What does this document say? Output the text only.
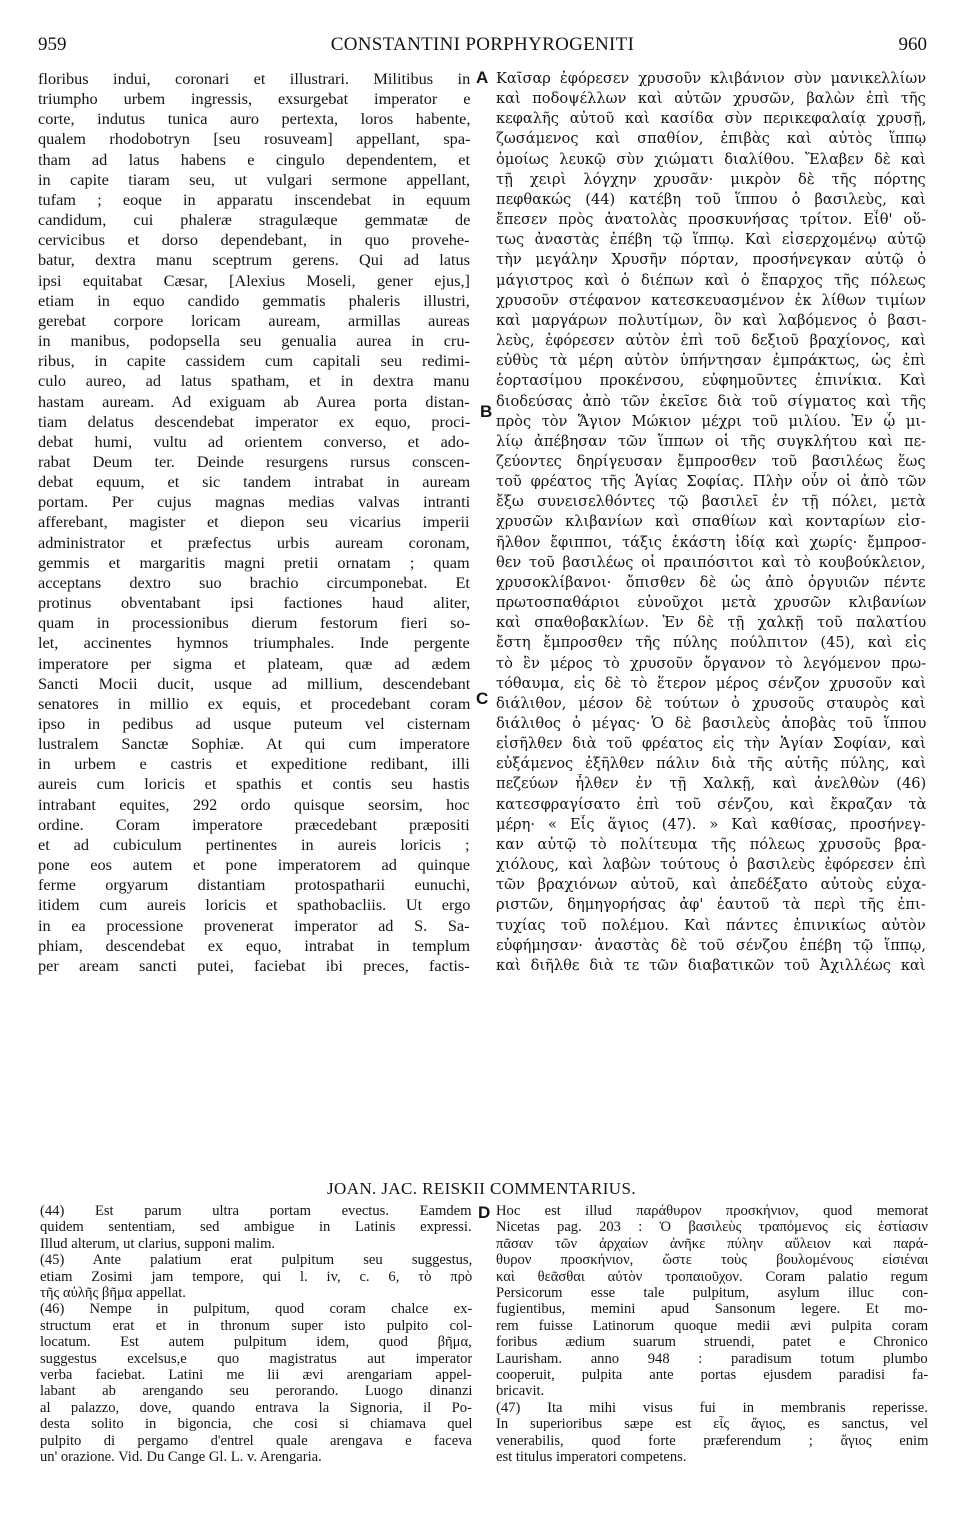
959	CONSTANTINI PORPHYROGENITI	960
floribus indui, coronari et illustrari. Militibus in
triumpho urbem ingressis, exsurgebat imperator e
corte, indutus tunica auro pertexta, loros habente,
qualem rhodobotryn [seu rosuveam] appellant, spa-
tham ad latus habens e cingulo dependentem, et
in capite tiaram seu, ut vulgari sermone appellant,
tufam ; eoque in apparatu inscendebat in equum
candidum, cui phaleræ stragulæque gemmatæ de
cervicibus et dorso dependebant, in quo provehe-
batur, dextra manu sceptrum gerens. Qui ad latus
ipsi equitabat Cæsar, [Alexius Moseli, gener ejus,]
etiam in equo candido gemmatis phaleris illustri,
gerebat corpore loricam auream, armillas aureas
in manibus, podopsella seu genualia aurea in cru-
ribus, in capite cassidem cum capitali seu redimi-
culo aureo, ad latus spatham, et in dextra manu
hastam auream. Ad exiguam ab Aurea porta distan-
tiam delatus descendebat imperator ex equo, proci-
debat humi, vultu ad orientem converso, et ado-
rabat Deum ter. Deinde resurgens rursus conscen-
debat equum, et sic tandem intrabat in auream
portam. Per cujus magnas medias valvas intranti
afferebant, magister et diepon seu vicarius imperii
administrator et præfectus urbis auream coronam,
gemmis et margaritis magni pretii ornatam ; quam
acceptans dextro suo brachio circumponebat. Et
protinus obventabant ipsi factiones haud aliter,
quam in processionibus dierum festorum fieri so-
let, accinentes hymnos triumphales. Inde pergente
imperatore per sigma et plateam, quæ ad ædem
Sancti Mocii ducit, usque ad millium, descendebant
senatores in millio ex equis, et procedebant coram
ipso in pedibus ad usque puteum vel cisternam
lustralem Sanctæ Sophiæ. At qui cum imperatore
in urbem e castris et expeditione redibant, illi
aureis cum loricis et spathis et contis seu hastis
intrabant equites, 292 ordo quisque seorsim, hoc
ordine. Coram imperatore præcedebant præpositi
et ad cubiculum pertinentes in aureis loricis ;
pone eos autem et pone imperatorem ad quinque
ferme orgyarum distantiam protospatharii eunuchi,
itidem cum aureis loricis et spathobacliis. Ut ergo
in ea processione provenerat imperator ad S. Sa-
phiam, descendebat ex equo, intrabat in templum
per aream sancti putei, faciebat ibi preces, factis-
Καῖσαρ ἐφόρεσεν χρυσοῦν κλιβάνιον σὺν μανικελλίων
καὶ ποδοψέλλων καὶ αὐτῶν χρυσῶν, βαλὼν ἐπὶ τῆς
κεφαλῆς αὐτοῦ καὶ κασίδα σὺν περικεφαλαίᾳ χρυσῇ,
ζωσάμενος καὶ σπαθίον, ἐπιβὰς καὶ αὐτὸς ἵππῳ
ὁμοίως λευκῷ σὺν χιώματι διαλίθου. Ἔλαβεν δὲ καὶ
τῇ χειρὶ λόγχην χρυσᾶν· μικρὸν δὲ τῆς πόρτης
πεφθακώς (44) κατέβη τοῦ ἵππου ὁ βασιλεὺς, καὶ
ἔπεσεν πρὸς ἀνατολὰς προσκυνήσας τρίτον. Εἶθ' οὕ-
τως ἀναστὰς ἐπέβη τῷ ἵππῳ. Καὶ εἰσερχομένῳ αὐτῷ
τὴν μεγάλην Χρυσῆν πόρταν, προσήνεγκαν αὐτῷ ὁ
μάγιστρος καὶ ὁ διέπων καὶ ὁ ἔπαρχος τῆς πόλεως
χρυσοῦν στέφανον κατεσκευασμένον ἐκ λίθων τιμίων
καὶ μαργάρων πολυτίμων, ὃν καὶ λαβόμενος ὁ βασι-
λεὺς, ἐφόρεσεν αὐτὸν ἐπὶ τοῦ δεξιοῦ βραχίονος, καὶ
εὐθὺς τὰ μέρη αὐτὸν ὑπήντησαν ἐμπράκτως, ὡς ἐπὶ
ἑορτασίμου προκένσου, εὐφημοῦντες ἐπινίκια. Καὶ
διοδεύσας ἀπὸ τῶν ἐκεῖσε διὰ τοῦ σίγματος καὶ τῆς
πρὸς τὸν Ἅγιον Μώκιον μέχρι τοῦ μιλίου. Ἐν ᾧ μι-
λίῳ ἀπέβησαν τῶν ἵππων οἱ τῆς συγκλήτου καὶ πε-
ζεύοντες δηρίγευσαν ἔμπροσθεν τοῦ βασιλέως ἕως
τοῦ φρέατος τῆς Ἁγίας Σοφίας. Πλὴν οὖν οἱ ἀπὸ τῶν
ἔξω συνεισελθόντες τῷ βασιλεῖ ἐν τῇ πόλει, μετὰ
χρυσῶν κλιβανίων καὶ σπαθίων καὶ κονταρίων εἰσ-
ῆλθον ἔφιπποι, τάξις ἑκάστη ἰδίᾳ καὶ χωρίς· ἔμπροσ-
θεν τοῦ βασιλέως οἱ πραιπόσιτοι καὶ τὸ κουβούκλειον,
χρυσοκλίβανοι· ὄπισθεν δὲ ὡς ἀπὸ ὀργυιῶν πέντε
πρωτοσπαθάριοι εὐνοῦχοι μετὰ χρυσῶν κλιβανίων
καὶ σπαθοβακλίων. Ἐν δὲ τῇ χαλκῇ τοῦ παλατίου
ἔστη ἔμπροσθεν τῆς πύλης πούλπιτον (45), καὶ εἰς
τὸ ἓν μέρος τὸ χρυσοῦν ὄργανον τὸ λεγόμενον πρω-
τόθαυμα, εἰς δὲ τὸ ἕτερον μέρος σένζον χρυσοῦν καὶ
διάλιθον, μέσον δὲ τούτων ὁ χρυσοῦς σταυρὸς καὶ
διάλιθος ὁ μέγας· Ὁ δὲ βασιλεὺς ἀποβὰς τοῦ ἵππου
εἰσῆλθεν διὰ τοῦ φρέατος εἰς τὴν Ἁγίαν Σοφίαν, καὶ
εὐξάμενος ἐξῆλθεν πάλιν διὰ τῆς αὐτῆς πύλης, καὶ
πεζεύων ἦλθεν ἐν τῇ Χαλκῇ, καὶ ἀνελθὼν (46)
κατεσφραγίσατο ἐπὶ τοῦ σένζου, καὶ ἔκραζαν τὰ
μέρη· « Εἷς ἅγιος (47). » Καὶ καθίσας, προσήνεγ-
καν αὐτῷ τὸ πολίτευμα τῆς πόλεως χρυσοῦς βρα-
χιόλους, καὶ λαβὼν τούτους ὁ βασιλεὺς ἐφόρεσεν ἐπὶ
τῶν βραχιόνων αὐτοῦ, καὶ ἀπεδέξατο αὐτοὺς εὐχα-
ριστῶν, δημηγορήσας ἀφ' ἑαυτοῦ τὰ περὶ τῆς ἐπι-
τυχίας τοῦ πολέμου. Καὶ πάντες ἐπινικίως αὐτὸν
εὐφήμησαν· ἀναστὰς δὲ τοῦ σένζου ἐπέβη τῷ ἵππῳ,
καὶ διῆλθε διὰ τε τῶν διαβατικῶν τοῦ Ἀχιλλέως καὶ
A
B
C
D
JOAN. JAC. REISKII COMMENTARIUS.
(44) Est parum ultra portam evectus. Eamdem
quidem sententiam, sed ambigue in Latinis expressi.
Illud alterum, ut clarius, supponi malim.
(45) Ante palatium erat pulpitum seu suggestus,
etiam Zosimi jam tempore, qui l. iv, c. 6, τὸ πρὸ
τῆς αὐλῆς βῆμα appellat.
(46) Nempe in pulpitum, quod coram chalce ex-
structum erat et in thronum super isto pulpito col-
locatum. Est autem pulpitum idem, quod βῆμα,
suggestus excelsus,e quo magistratus aut imperator
verba faciebat. Latini me lii ævi arengariam appel-
labant ab arengando seu perorando. Luogo dinanzi
al palazzo, dove, quando entrava la Signoria, il Po-
desta solito in bigoncia, che cosi si chiamava quel
pulpito di pergamo d'entrel quale arengava e faceva
un' orazione. Vid. Du Cange Gl. L. v. Arengaria.
Hoc est illud παράθυρον προσκήνιον, quod memorat
Nicetas pag. 203 : Ὁ βασιλεὺς τραπόμενος εἰς ἑστίασιν
πᾶσαν τῶν ἀρχαίων ἀνῆκε πύλην αὔλειον καὶ παρά-
θυρον προσκήνιον, ὥστε τοὺς βουλομένους εἰσιέναι
καὶ θεᾶσθαι αὐτὸν τροπαιοῦχον. Coram palatio regum
Persicorum esse tale pulpitum, asylum illuc con-
fugientibus, memini apud Sansonum legere. Et mo-
rem fuisse Latinorum quoque medii ævi pulpita coram
foribus ædium suarum struendi, patet e Chronico
Laurisham. anno 948 : paradisum totum plumbo
cooperuit, pulpita ante portas ejusdem paradisi fa-
bricavit.
(47) Ita mihi visus fui in membranis reperisse.
In superioribus sæpe est εἷς ἅγιος, es sanctus, vel
venerabilis, quod forte præferendum ; ἅγιος enim
est titulus imperatori competens.
